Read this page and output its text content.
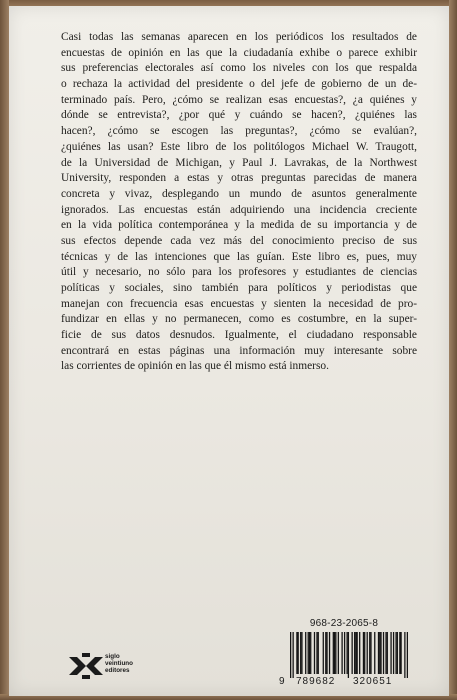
Casi todas las semanas aparecen en los periódicos los resultados de
encuestas de opinión en las que la ciudadanía exhibe o parece exhibir
sus preferencias electorales así como los niveles con los que respalda
o rechaza la actividad del presidente o del jefe de gobierno de un de-
terminado país. Pero, ¿cómo se realizan esas encuestas?, ¿a quiénes y
dónde se entrevista?, ¿por qué y cuándo se hacen?, ¿quiénes las
hacen?, ¿cómo se escogen las preguntas?, ¿cómo se evalúan?,
¿quiénes las usan? Este libro de los politólogos Michael W. Traugott,
de la Universidad de Michigan, y Paul J. Lavrakas, de la Northwest
University, responden a estas y otras preguntas parecidas de manera
concreta y vivaz, desplegando un mundo de asuntos generalmente
ignorados. Las encuestas están adquiriendo una incidencia creciente
en la vida política contemporánea y la medida de su importancia y de
sus efectos depende cada vez más del conocimiento preciso de sus
técnicas y de las intenciones que las guían. Este libro es, pues, muy
útil y necesario, no sólo para los profesores y estudiantes de ciencias
políticas y sociales, sino también para políticos y periodistas que
manejan con frecuencia esas encuestas y sienten la necesidad de pro-
fundizar en ellas y no permanecen, como es costumbre, en la super-
ficie de sus datos desnudos. Igualmente, el ciudadano responsable
encontrará en estas páginas una información muy interesante sobre
las corrientes de opinión en las que él mismo está inmerso.
siglo
veintiuno
editores
968-23-2065-8
9 789682 320651
